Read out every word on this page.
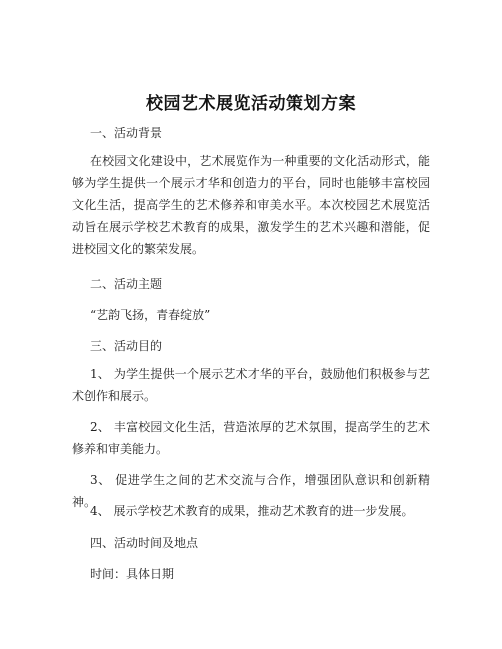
校园艺术展览活动策划方案
一、活动背景
在校园文化建设中，艺术展览作为一种重要的文化活动形式，能够为学生提供一个展示才华和创造力的平台，同时也能够丰富校园文化生活，提高学生的艺术修养和审美水平。本次校园艺术展览活动旨在展示学校艺术教育的成果，激发学生的艺术兴趣和潜能，促进校园文化的繁荣发展。
二、活动主题
“艺韵飞扬，青春绽放”
三、活动目的
1、 为学生提供一个展示艺术才华的平台，鼓励他们积极参与艺术创作和展示。
2、 丰富校园文化生活，营造浓厚的艺术氛围，提高学生的艺术修养和审美能力。
3、 促进学生之间的艺术交流与合作，增强团队意识和创新精神。
4、 展示学校艺术教育的成果，推动艺术教育的进一步发展。
四、活动时间及地点
时间：具体日期
